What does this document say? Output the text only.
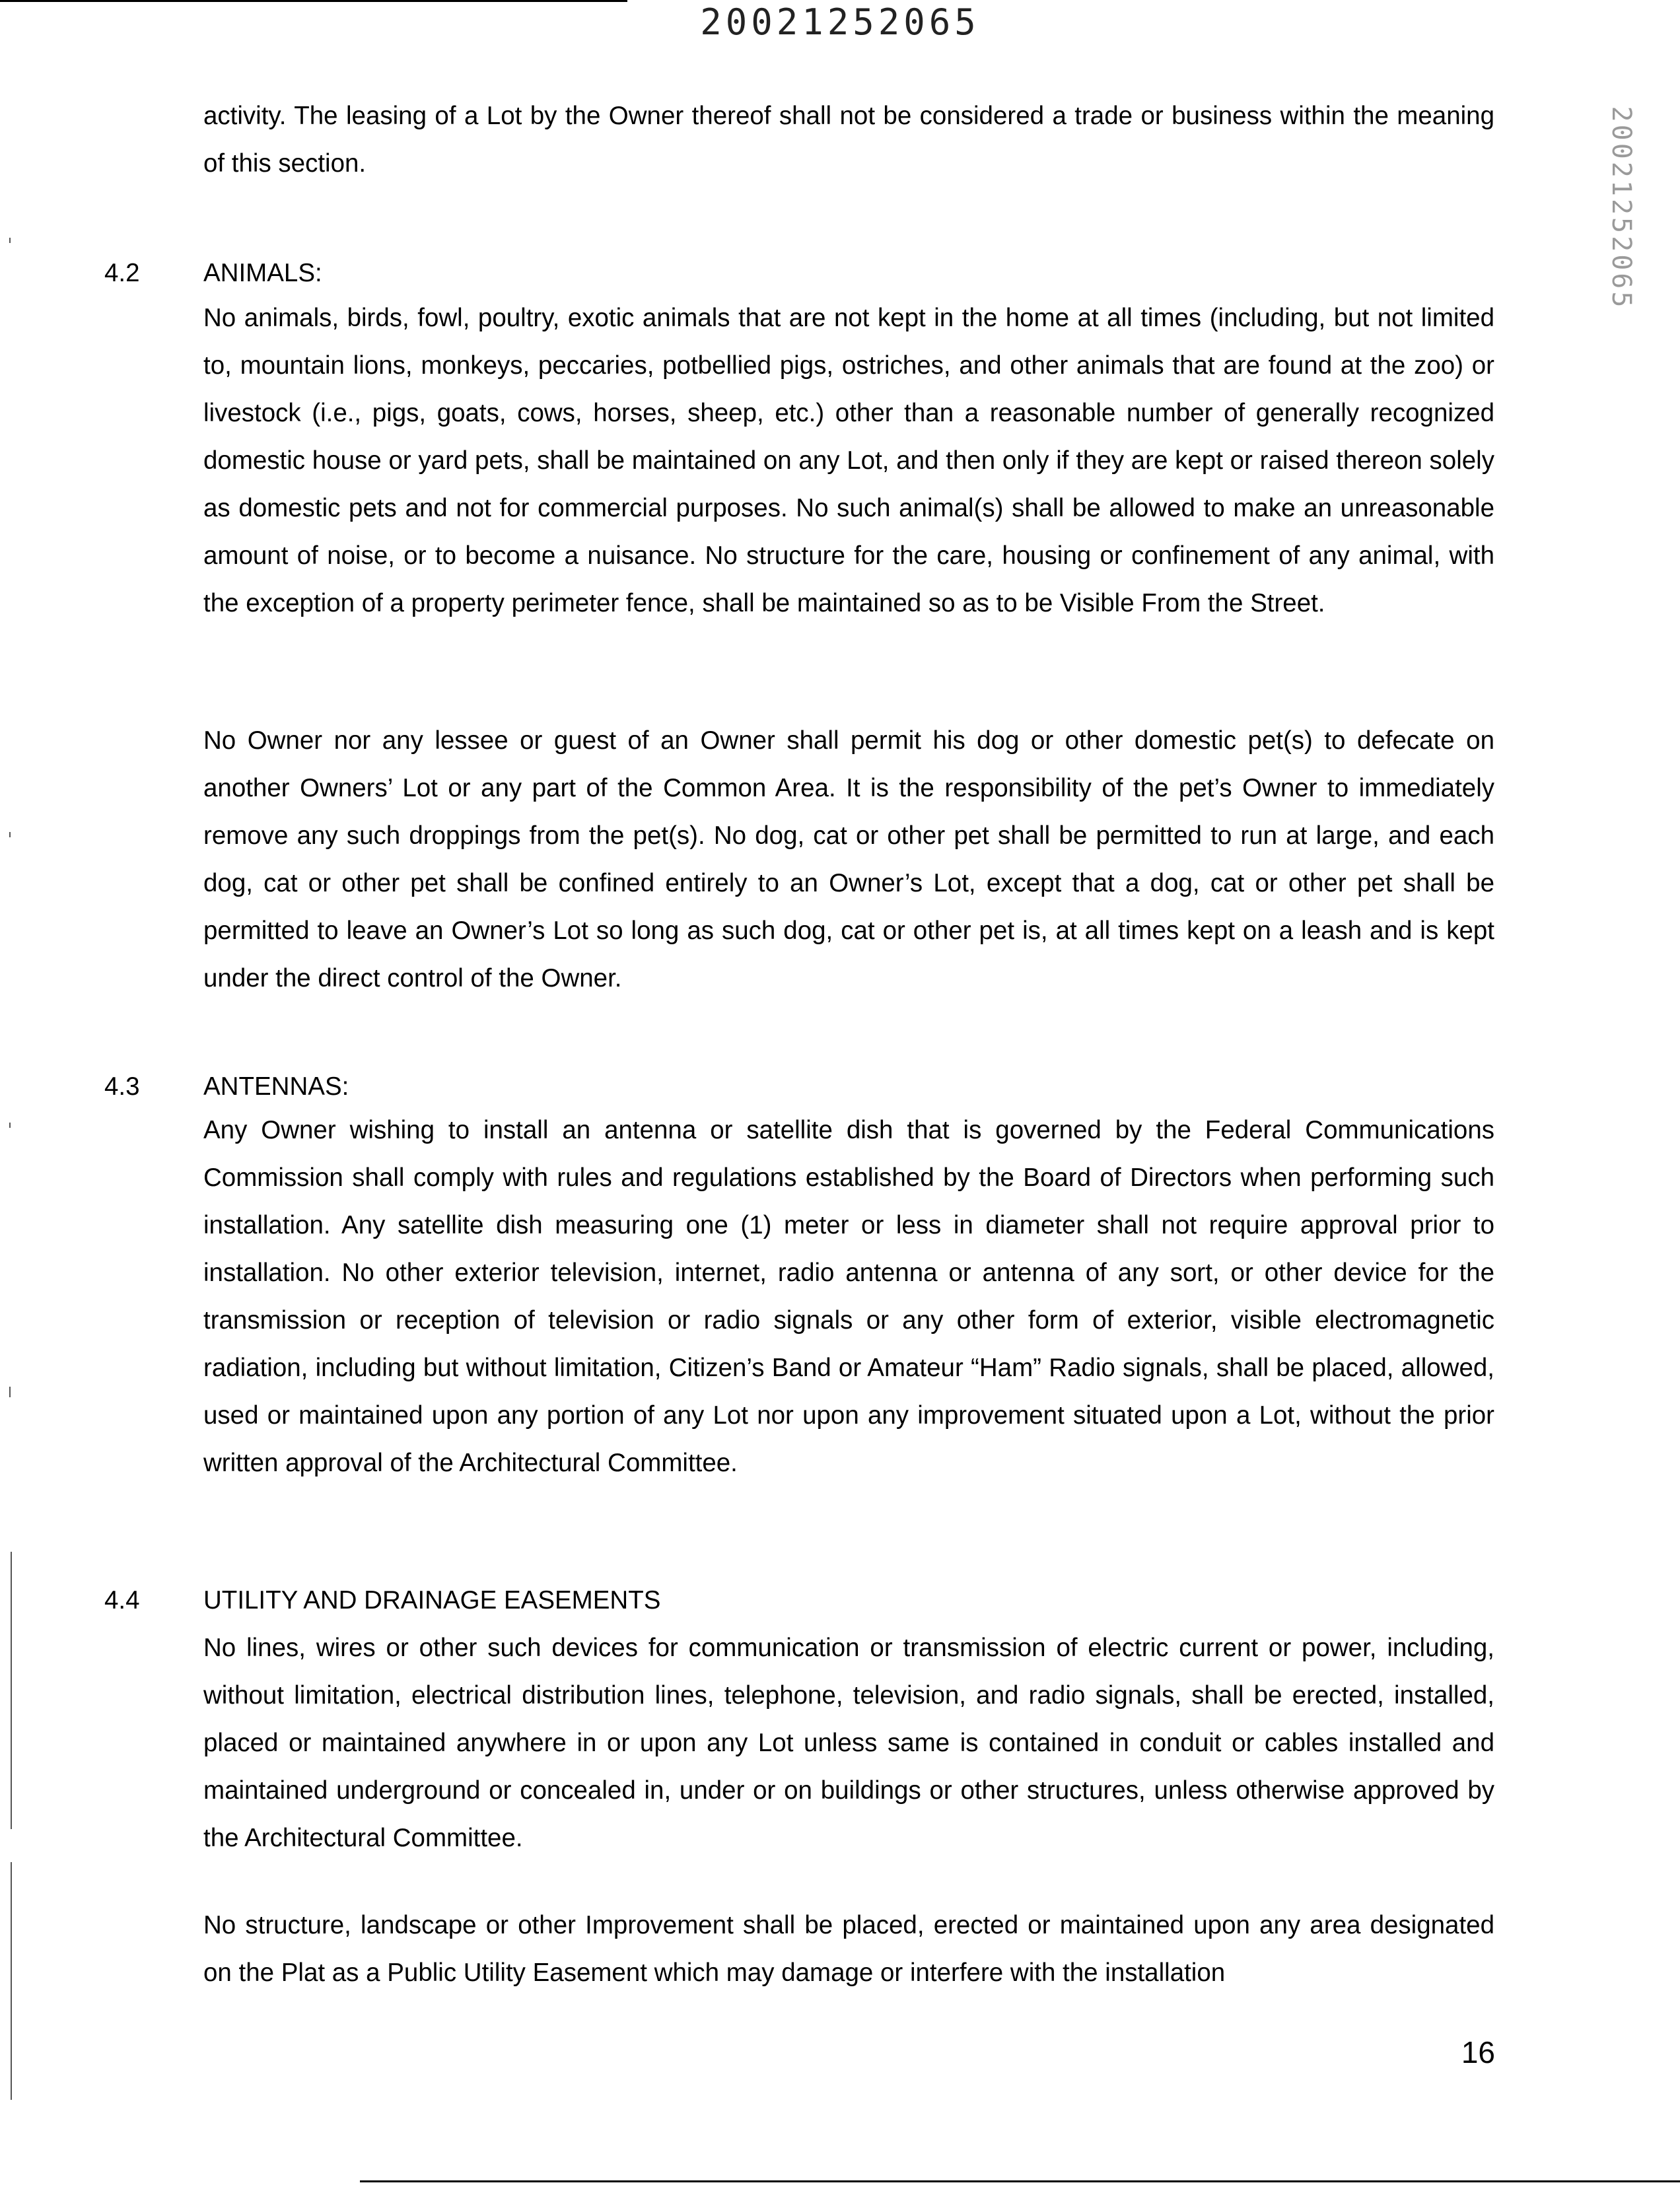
20021252065
20021252065

activity. The leasing of a Lot by the Owner thereof shall not be considered a trade or business within the meaning of this section.

4.2	ANIMALS:

No animals, birds, fowl, poultry, exotic animals that are not kept in the home at all times (including, but not limited to, mountain lions, monkeys, peccaries, potbellied pigs, ostriches, and other animals that are found at the zoo) or livestock (i.e., pigs, goats, cows, horses, sheep, etc.) other than a reasonable number of generally recognized domestic house or yard pets, shall be maintained on any Lot, and then only if they are kept or raised thereon solely as domestic pets and not for commercial purposes. No such animal(s) shall be allowed to make an unreasonable amount of noise, or to become a nuisance. No structure for the care, housing or confinement of any animal, with the exception of a property perimeter fence, shall be maintained so as to be Visible From the Street.

No Owner nor any lessee or guest of an Owner shall permit his dog or other domestic pet(s) to defecate on another Owners’ Lot or any part of the Common Area. It is the responsibility of the pet’s Owner to immediately remove any such droppings from the pet(s). No dog, cat or other pet shall be permitted to run at large, and each dog, cat or other pet shall be confined entirely to an Owner’s Lot, except that a dog, cat or other pet shall be permitted to leave an Owner’s Lot so long as such dog, cat or other pet is, at all times kept on a leash and is kept under the direct control of the Owner.

4.3	ANTENNAS:

Any Owner wishing to install an antenna or satellite dish that is governed by the Federal Communications Commission shall comply with rules and regulations established by the Board of Directors when performing such installation. Any satellite dish measuring one (1) meter or less in diameter shall not require approval prior to installation. No other exterior television, internet, radio antenna or antenna of any sort, or other device for the transmission or reception of television or radio signals or any other form of exterior, visible electromagnetic radiation, including but without limitation, Citizen’s Band or Amateur “Ham” Radio signals, shall be placed, allowed, used or maintained upon any portion of any Lot nor upon any improvement situated upon a Lot, without the prior written approval of the Architectural Committee.

4.4	UTILITY AND DRAINAGE EASEMENTS

No lines, wires or other such devices for communication or transmission of electric current or power, including, without limitation, electrical distribution lines, telephone, television, and radio signals, shall be erected, installed, placed or maintained anywhere in or upon any Lot unless same is contained in conduit or cables installed and maintained underground or concealed in, under or on buildings or other structures, unless otherwise approved by the Architectural Committee.

No structure, landscape or other Improvement shall be placed, erected or maintained upon any area designated on the Plat as a Public Utility Easement which may damage or interfere with the installation

16
